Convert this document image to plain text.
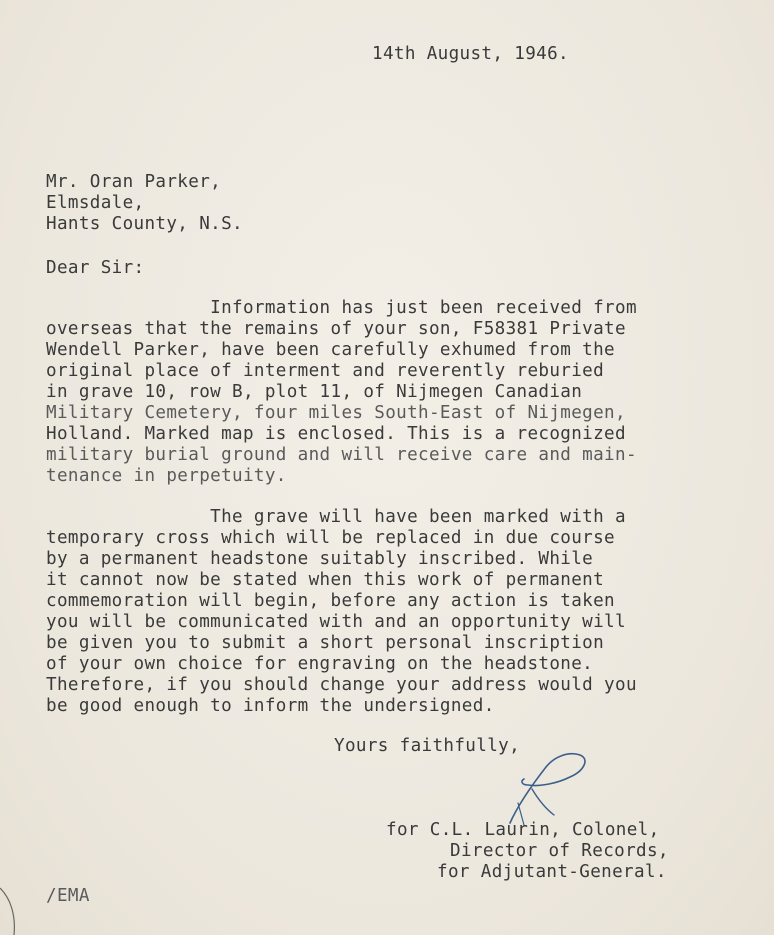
14th August, 1946.
Mr. Oran Parker,
Elmsdale,
Hants County, N.S.
Dear Sir:
Information has just been received from
overseas that the remains of your son, F58381 Private
Wendell Parker, have been carefully exhumed from the
original place of interment and reverently reburied
in grave 10, row B, plot 11, of Nijmegen Canadian
Military Cemetery, four miles South-East of Nijmegen,
Holland. Marked map is enclosed. This is a recognized
military burial ground and will receive care and main-
tenance in perpetuity.
The grave will have been marked with a
temporary cross which will be replaced in due course
by a permanent headstone suitably inscribed. While
it cannot now be stated when this work of permanent
commemoration will begin, before any action is taken
you will be communicated with and an opportunity will
be given you to submit a short personal inscription
of your own choice for engraving on the headstone.
Therefore, if you should change your address would you
be good enough to inform the undersigned.
Yours faithfully,
for C.L. Laurin, Colonel,
Director of Records,
for Adjutant-General.
/EMA
